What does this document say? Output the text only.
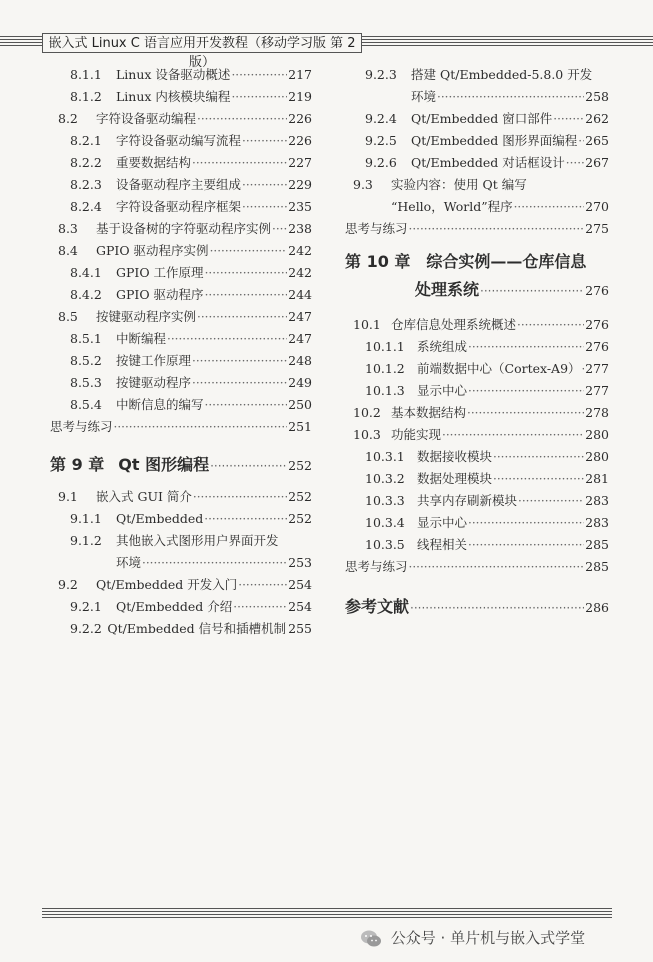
嵌入式 Linux C 语言应用开发教程（移动学习版 第 2 版）
8.1.1	Linux 设备驱动概述 ·····	217
8.1.2	Linux 内核模块编程 ·····	219
8.2	字符设备驱动编程 ·····	226
8.2.1	字符设备驱动编写流程 ·····	226
8.2.2	重要数据结构 ·····	227
8.2.3	设备驱动程序主要组成 ·····	229
8.2.4	字符设备驱动程序框架 ·····	235
8.3	基于设备树的字符驱动程序实例 ····· 238
8.4	GPIO 驱动程序实例 ·····	242
8.4.1	GPIO 工作原理 ·····	242
8.4.2	GPIO 驱动程序 ·····	244
8.5	按键驱动程序实例 ·····	247
8.5.1	中断编程 ·····	247
8.5.2	按键工作原理 ·····	248
8.5.3	按键驱动程序 ·····	249
8.5.4	中断信息的编写 ·····	250
思考与练习 ·····	251
第 9 章 Qt 图形编程 ·····	252
9.1	嵌入式 GUI 简介 ·····	252
9.1.1	Qt/Embedded ·····	252
9.1.2	其他嵌入式图形用户界面开发
环境 ·····	253
9.2	Qt/Embedded 开发入门 ·····	254
9.2.1	Qt/Embedded 介绍 ·····	254
9.2.2 Qt/Embedded 信号和插槽机制 255
9.2.3	搭建 Qt/Embedded-5.8.0 开发
环境 ·····	258
9.2.4	Qt/Embedded 窗口部件 ·····	262
9.2.5	Qt/Embedded 图形界面编程 ····· 265
9.2.6	Qt/Embedded 对话框设计 ····· 267
9.3	实验内容：使用 Qt 编写
“Hello，World”程序 ·····	270
思考与练习 ·····	275
第 10 章 综合实例——仓库信息
处理系统 ·····	276
10.1 仓库信息处理系统概述 ·····	276
10.1.1 系统组成 ·····	276
10.1.2 前端数据中心（Cortex-A9） ····· 277
10.1.3 显示中心 ·····	277
10.2 基本数据结构 ·····	278
10.3 功能实现 ·····	280
10.3.1 数据接收模块 ·····	280
10.3.2 数据处理模块 ·····	281
10.3.3 共享内存刷新模块 ·····	283
10.3.4 显示中心 ·····	283
10.3.5 线程相关 ·····	285
思考与练习 ·····	285
参考文献 ·····	286
公众号 · 单片机与嵌入式学堂
